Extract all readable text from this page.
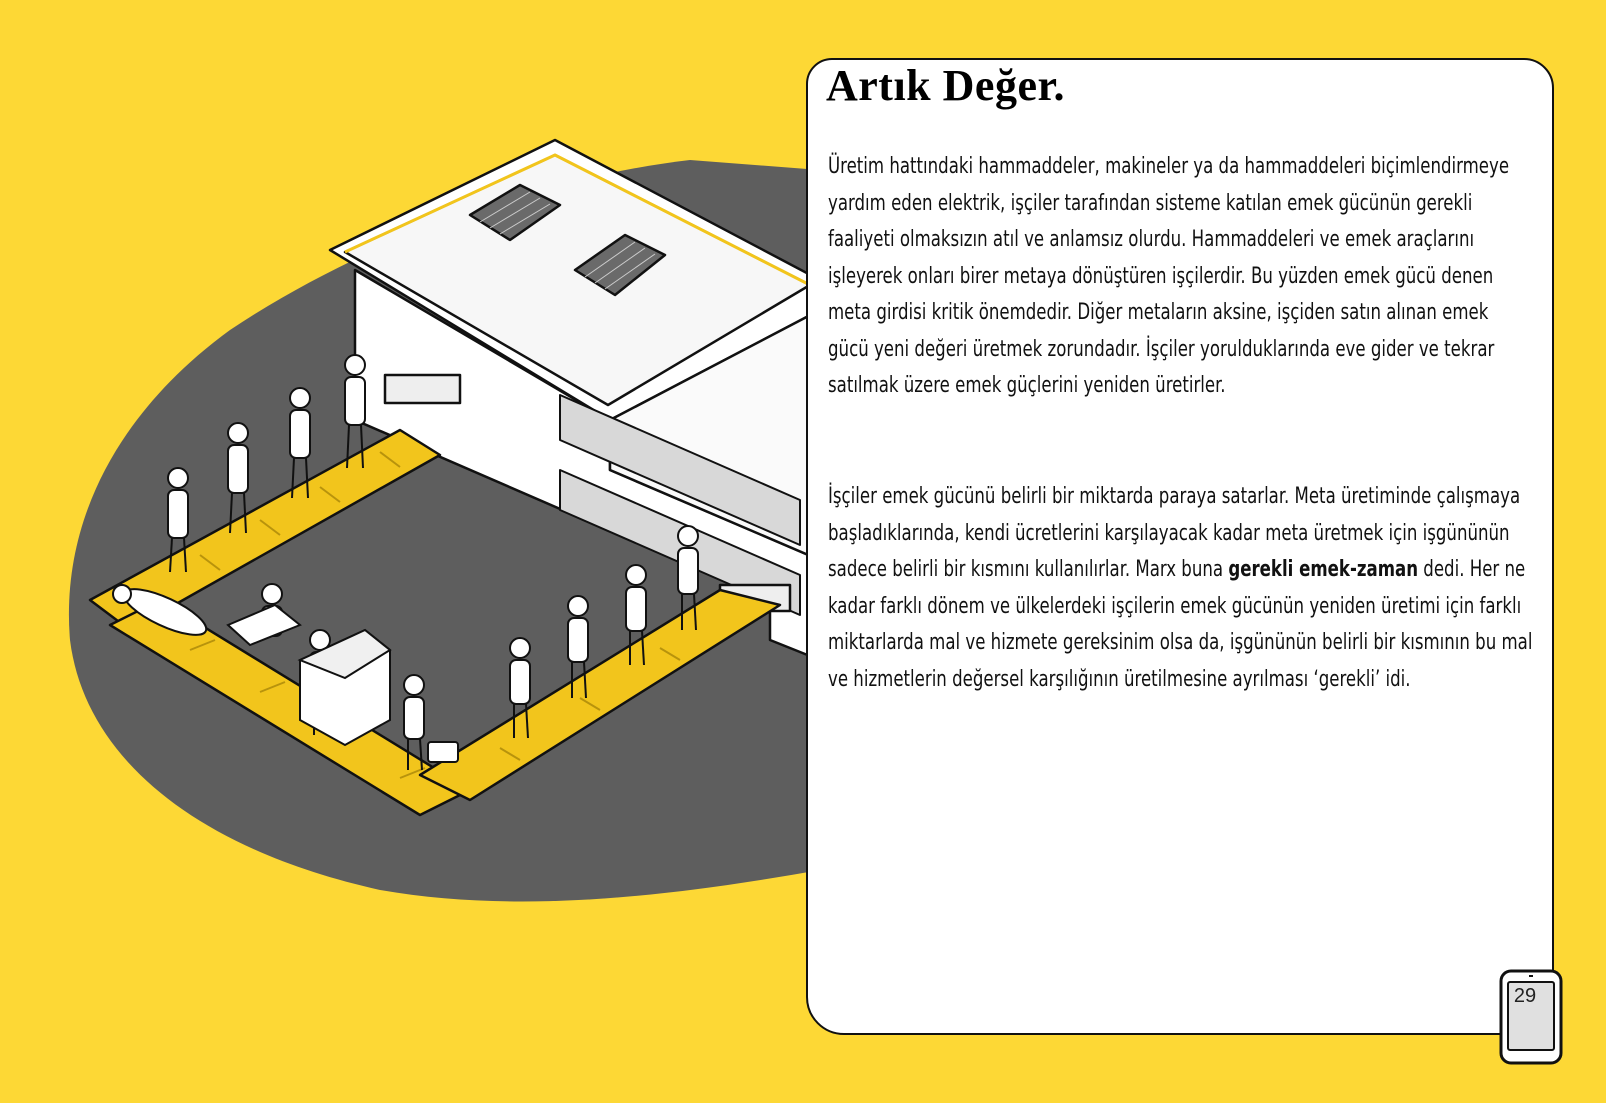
Artık Değer.

Üretim hattındaki hammaddeler, makineler ya da hammaddeleri biçimlendirmeye yardım eden elektrik, işçiler tarafından sisteme katılan emek gücünün gerekli faaliyeti olmaksızın atıl ve anlamsız olurdu. Hammaddeleri ve emek araçlarını işleyerek onları birer metaya dönüştüren işçilerdir. Bu yüzden emek gücü denen meta girdisi kritik önemdedir. Diğer metaların aksine, işçiden satın alınan emek gücü yeni değeri üretmek zorundadır. İşçiler yorulduklarında eve gider ve tekrar satılmak üzere emek güçlerini yeniden üretirler.

İşçiler emek gücünü belirli bir miktarda paraya satarlar. Meta üretiminde çalışmaya başladıklarında, kendi ücretlerini karşılayacak kadar meta üretmek için işgününün sadece belirli bir kısmını kullanılırlar. Marx buna gerekli emek-zaman dedi. Her ne kadar farklı dönem ve ülkelerdeki işçilerin emek gücünün yeniden üretimi için farklı miktarlarda mal ve hizmete gereksinim olsa da, işgününün belirli bir kısmının bu mal ve hizmetlerin değersel karşılığının üretilmesine ayrılması ‘gerekli’ idi.

29
